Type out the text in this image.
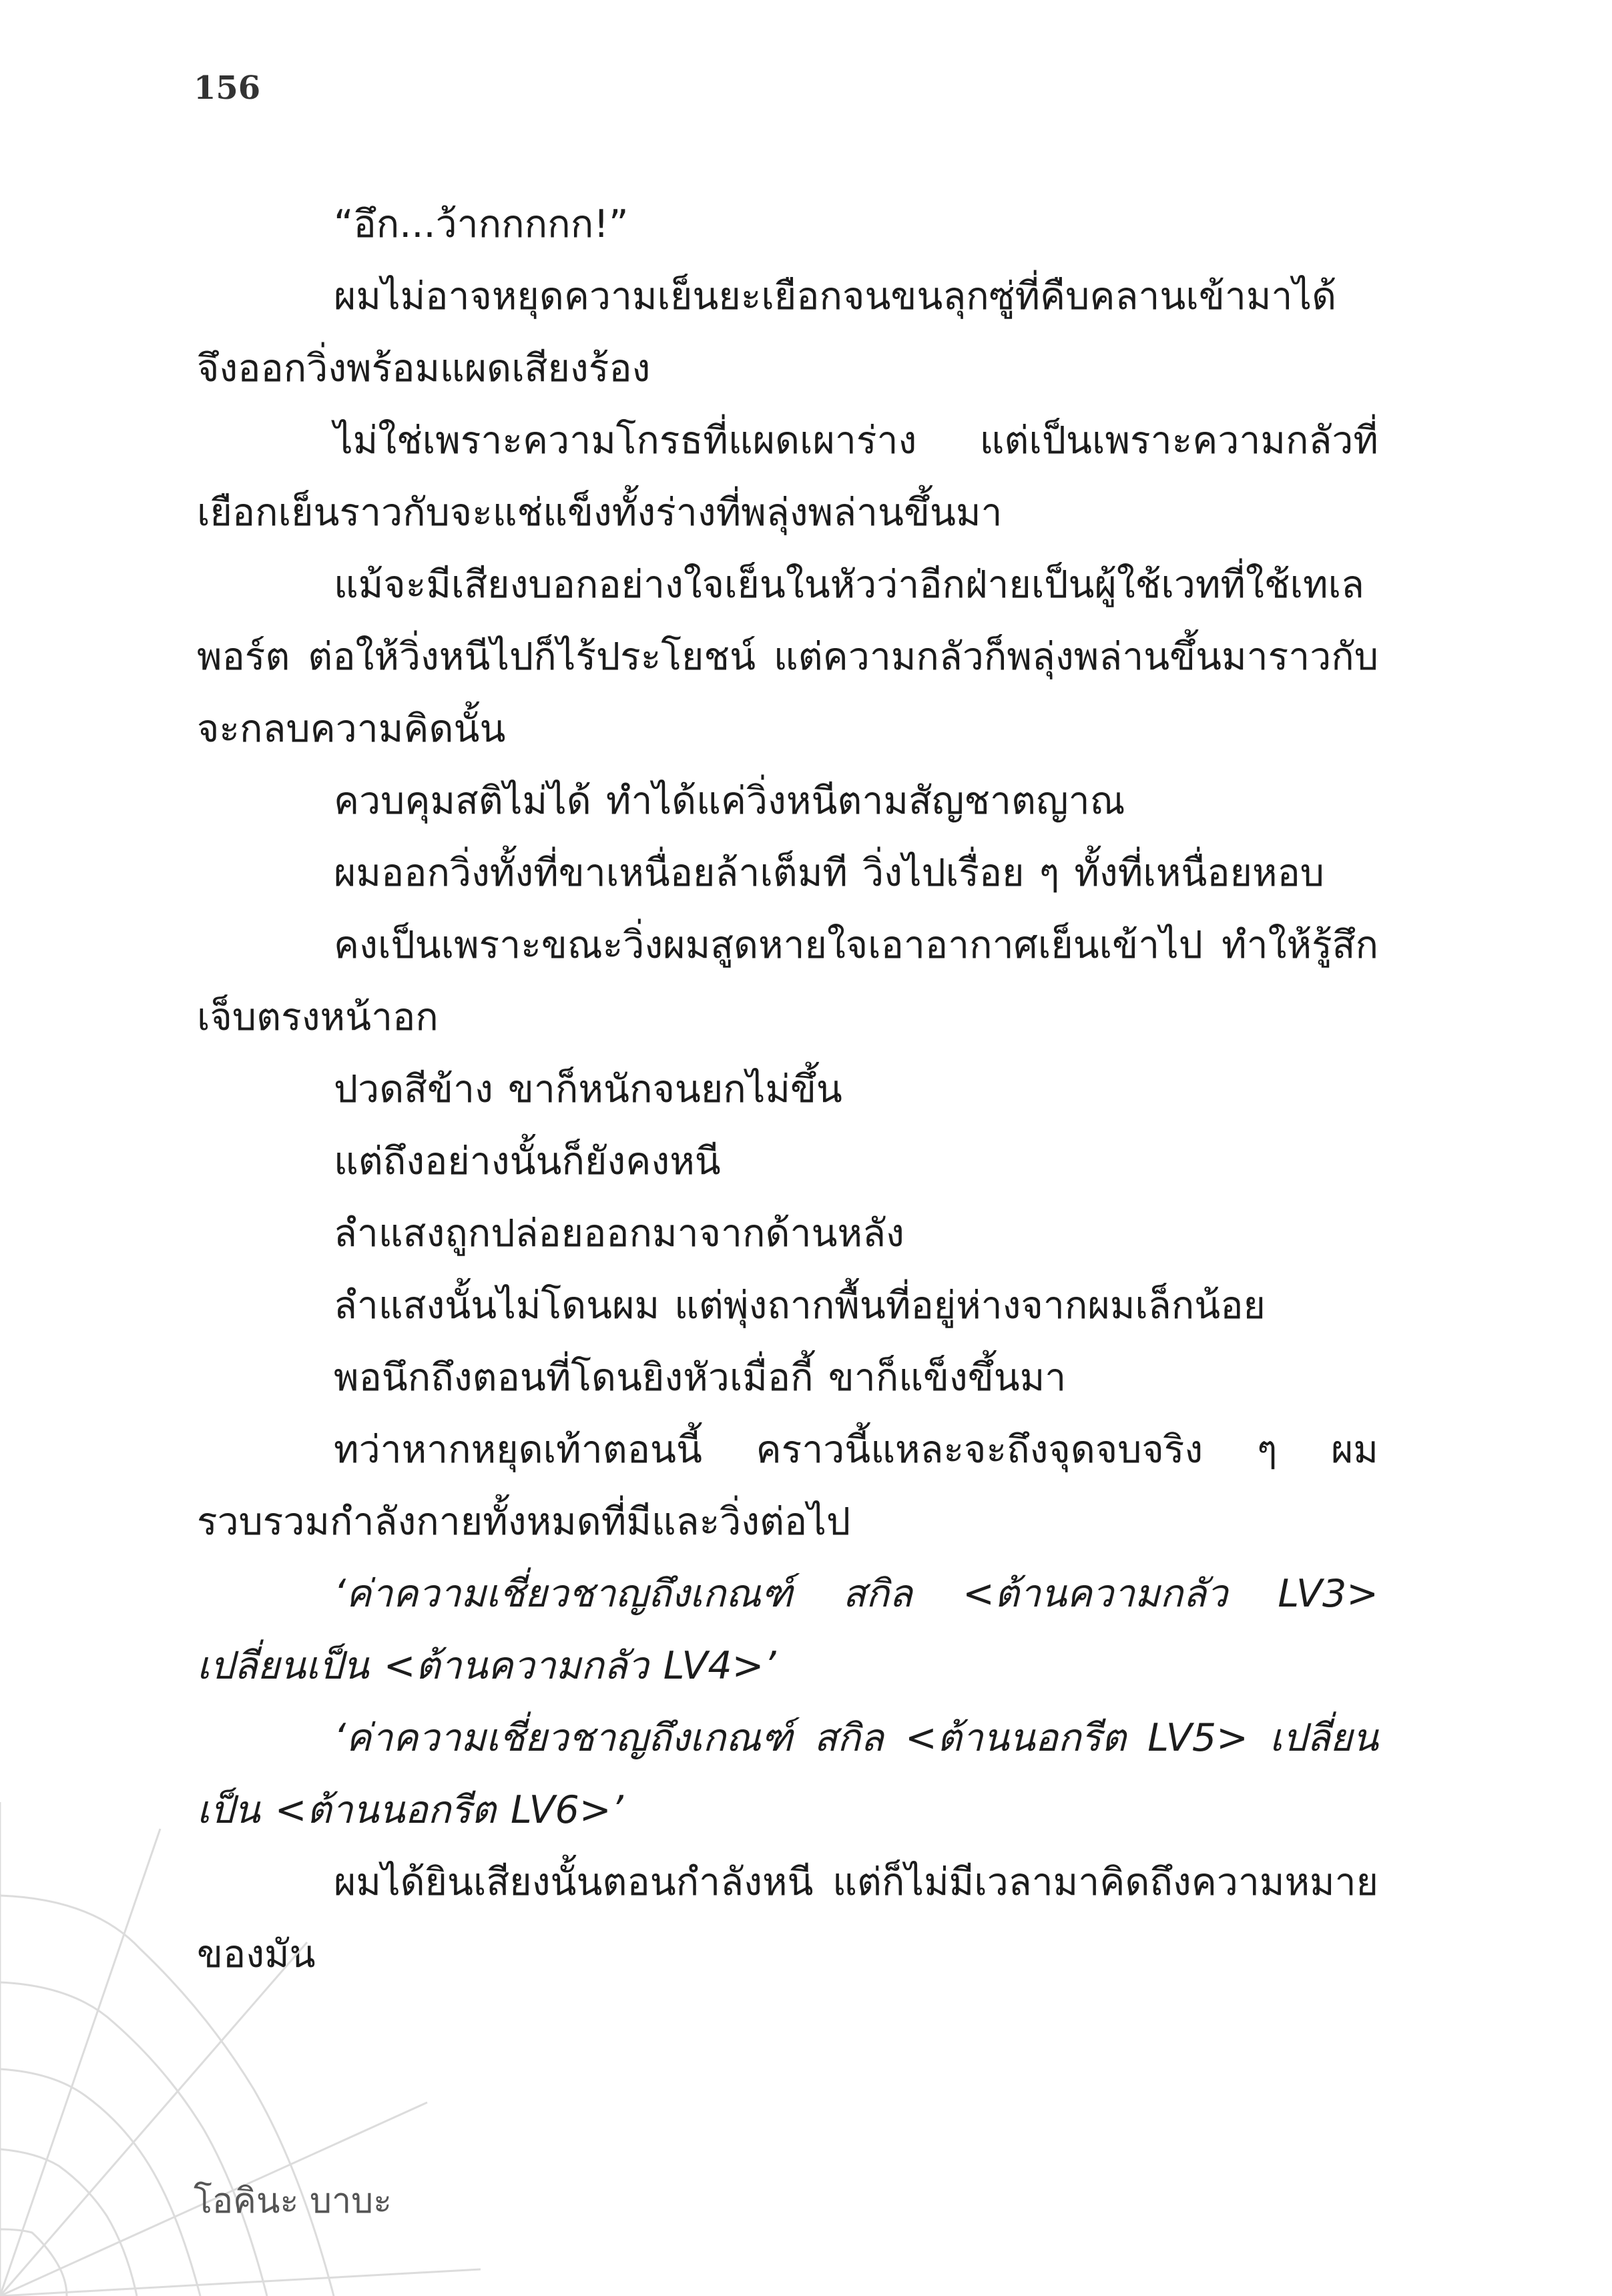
156

“อึก...ว้ากกกกก!”

ผมไม่อาจหยุดความเย็นยะเยือกจนขนลุกซู่ที่คืบคลานเข้ามาได้ จึงออกวิ่งพร้อมแผดเสียงร้อง

ไม่ใช่เพราะความโกรธที่แผดเผาร่าง แต่เป็นเพราะความกลัวที่เยือกเย็นราวกับจะแช่แข็งทั้งร่างที่พลุ่งพล่านขึ้นมา

แม้จะมีเสียงบอกอย่างใจเย็นในหัวว่าอีกฝ่ายเป็นผู้ใช้เวทที่ใช้เทเลพอร์ต ต่อให้วิ่งหนีไปก็ไร้ประโยชน์ แต่ความกลัวก็พลุ่งพล่านขึ้นมาราวกับจะกลบความคิดนั้น

ควบคุมสติไม่ได้ ทำได้แค่วิ่งหนีตามสัญชาตญาณ

ผมออกวิ่งทั้งที่ขาเหนื่อยล้าเต็มที วิ่งไปเรื่อย ๆ ทั้งที่เหนื่อยหอบ

คงเป็นเพราะขณะวิ่งผมสูดหายใจเอาอากาศเย็นเข้าไป ทำให้รู้สึกเจ็บตรงหน้าอก

ปวดสีข้าง ขาก็หนักจนยกไม่ขึ้น

แต่ถึงอย่างนั้นก็ยังคงหนี

ลำแสงถูกปล่อยออกมาจากด้านหลัง

ลำแสงนั้นไม่โดนผม แต่พุ่งถากพื้นที่อยู่ห่างจากผมเล็กน้อย

พอนึกถึงตอนที่โดนยิงหัวเมื่อกี้ ขาก็แข็งขึ้นมา

ทว่าหากหยุดเท้าตอนนี้ คราวนี้แหละจะถึงจุดจบจริง ๆ ผมรวบรวมกำลังกายทั้งหมดที่มีและวิ่งต่อไป

‘ค่าความเชี่ยวชาญถึงเกณฑ์ สกิล <ต้านความกลัว LV3> เปลี่ยนเป็น <ต้านความกลัว LV4>’

‘ค่าความเชี่ยวชาญถึงเกณฑ์ สกิล <ต้านนอกรีต LV5> เปลี่ยนเป็น <ต้านนอกรีต LV6>’

ผมได้ยินเสียงนั้นตอนกำลังหนี แต่ก็ไม่มีเวลามาคิดถึงความหมายของมัน

โอคินะ บาบะ
